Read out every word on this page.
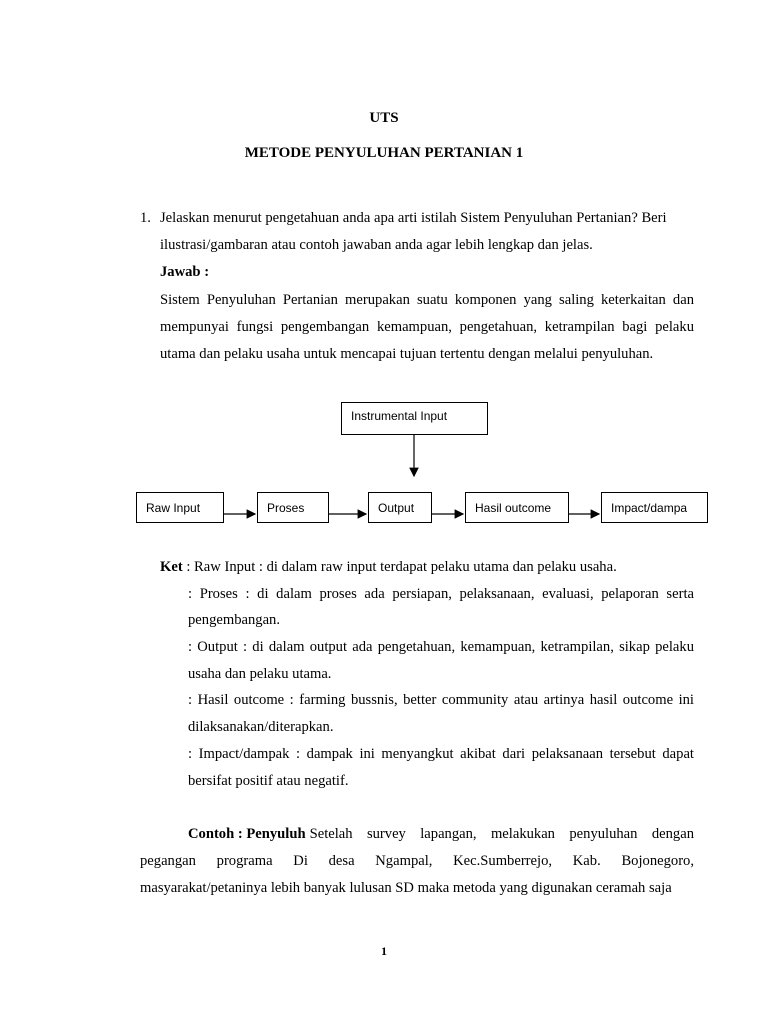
UTS
METODE PENYULUHAN PERTANIAN 1
1. Jelaskan menurut pengetahuan anda apa arti istilah Sistem Penyuluhan Pertanian? Beri
ilustrasi/gambaran atau contoh jawaban anda agar lebih lengkap dan jelas.
Jawab :
Sistem Penyuluhan Pertanian merupakan suatu komponen yang saling keterkaitan dan
mempunyai fungsi pengembangan kemampuan, pengetahuan, ketrampilan bagi pelaku
utama dan pelaku usaha untuk mencapai tujuan tertentu dengan melalui penyuluhan.
Instrumental Input
Raw Input	Proses	Output	Hasil outcome	Impact/dampa
Ket : Raw Input : di dalam raw input terdapat pelaku utama dan pelaku usaha.
: Proses : di dalam proses ada persiapan, pelaksanaan, evaluasi, pelaporan serta
pengembangan.
: Output : di dalam output ada pengetahuan, kemampuan, ketrampilan, sikap pelaku
usaha dan pelaku utama.
: Hasil outcome : farming bussnis, better community atau artinya hasil outcome ini
dilaksanakan/diterapkan.
: Impact/dampak : dampak ini menyangkut akibat dari pelaksanaan tersebut dapat
bersifat positif atau negatif.
Contoh : Penyuluh Setelah survey lapangan, melakukan penyuluhan dengan
pegangan programa Di desa Ngampal, Kec.Sumberrejo, Kab. Bojonegoro,
masyarakat/petaninya lebih banyak lulusan SD maka metoda yang digunakan ceramah saja
1
